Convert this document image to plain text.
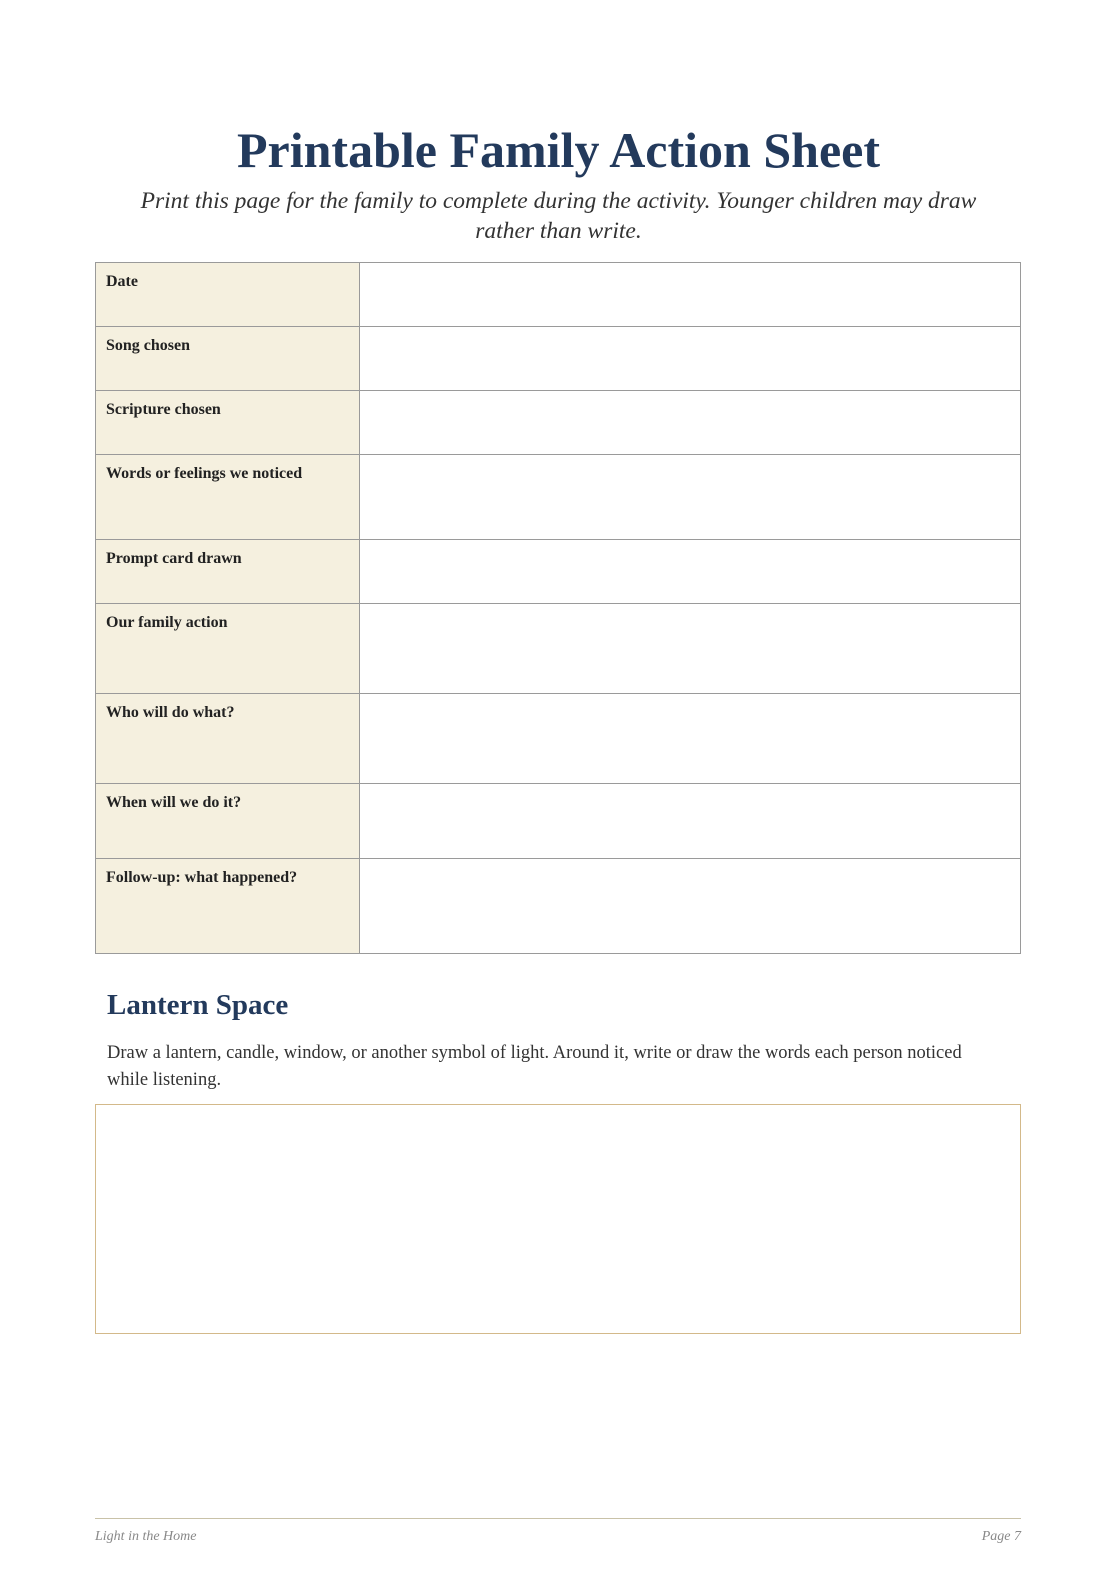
Printable Family Action Sheet

Print this page for the family to complete during the activity. Younger children may draw rather than write.

Date	
Song chosen	
Scripture chosen	
Words or feelings we noticed	
Prompt card drawn	
Our family action	
Who will do what?	
When will we do it?	
Follow-up: what happened?	
Lantern Space

Draw a lantern, candle, window, or another symbol of light. Around it, write or draw the words each person noticed while listening.

Light in the Home	Page 7
